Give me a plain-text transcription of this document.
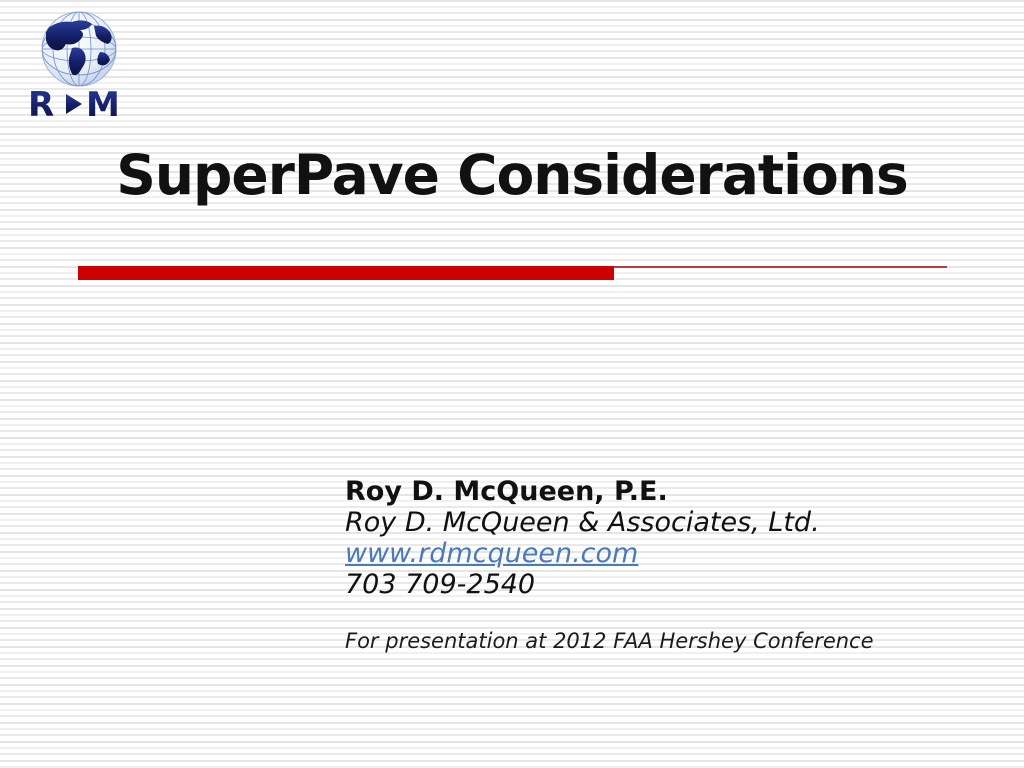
R M
SuperPave Considerations
Roy D. McQueen, P.E.
Roy D. McQueen & Associates, Ltd.
www.rdmcqueen.com
703 709-2540
For presentation at 2012 FAA Hershey Conference
